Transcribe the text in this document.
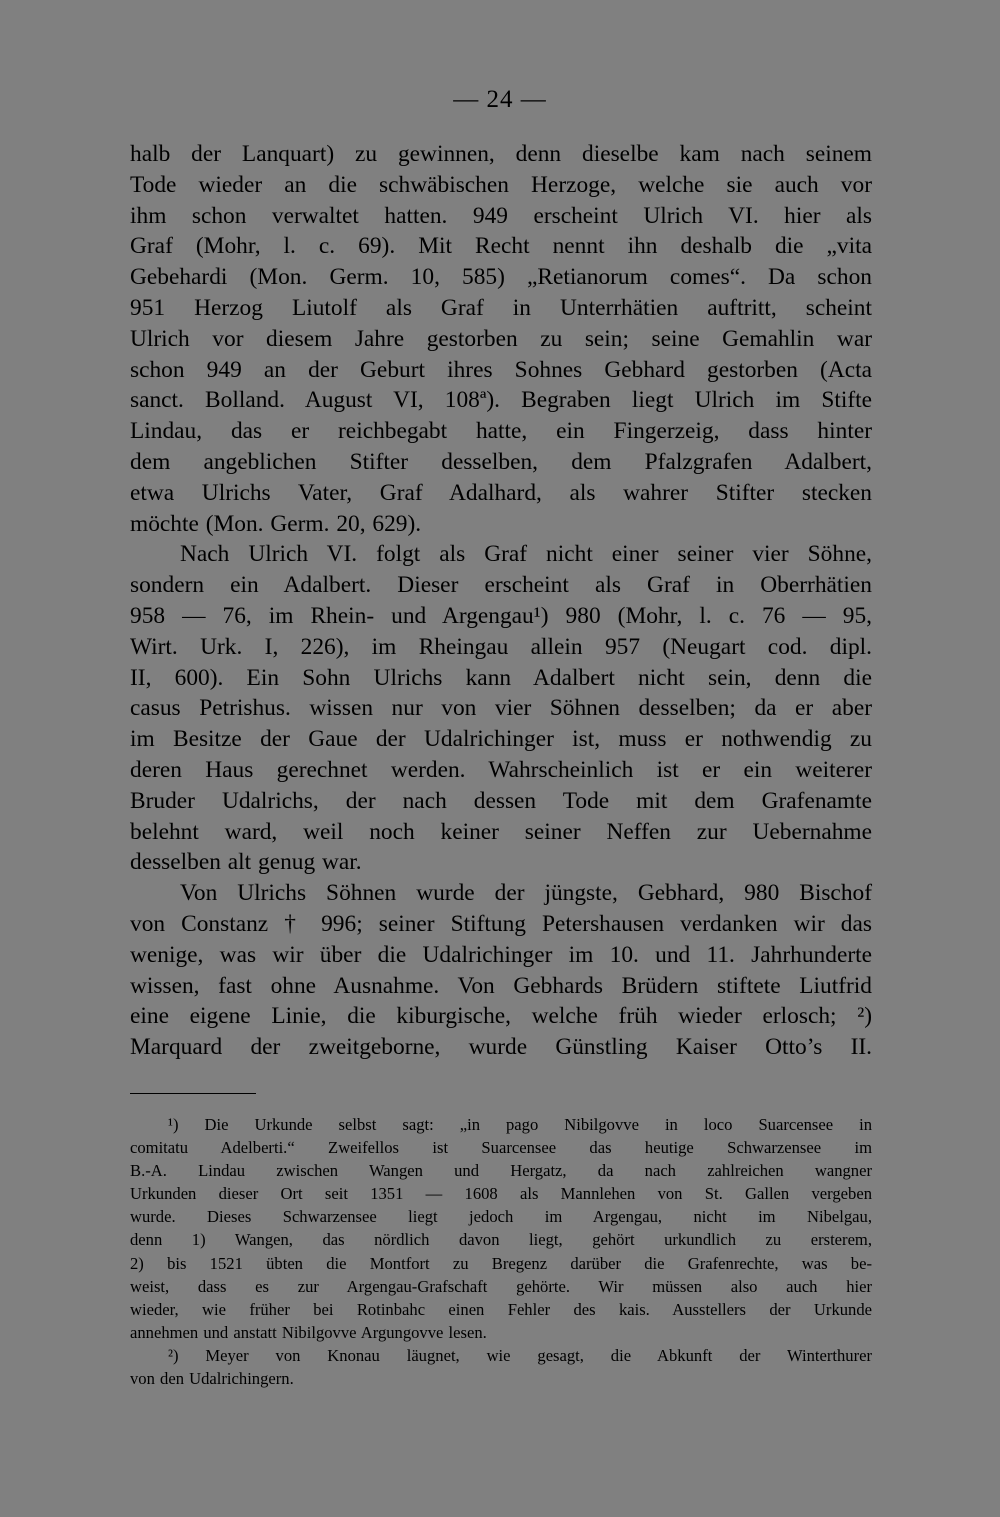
— 24 —
halb der Lanquart) zu gewinnen, denn dieselbe kam nach seinem
Tode wieder an die schwäbischen Herzoge, welche sie auch vor
ihm schon verwaltet hatten. 949 erscheint Ulrich VI. hier als
Graf (Mohr, l. c. 69). Mit Recht nennt ihn deshalb die „vita
Gebehardi (Mon. Germ. 10, 585) „Retianorum comes“. Da schon
951 Herzog Liutolf als Graf in Unterrhätien auftritt, scheint
Ulrich vor diesem Jahre gestorben zu sein; seine Gemahlin war
schon 949 an der Geburt ihres Sohnes Gebhard gestorben (Acta
sanct. Bolland. August VI, 108ª). Begraben liegt Ulrich im Stifte
Lindau, das er reichbegabt hatte, ein Fingerzeig, dass hinter
dem angeblichen Stifter desselben, dem Pfalzgrafen Adalbert,
etwa Ulrichs Vater, Graf Adalhard, als wahrer Stifter stecken
möchte (Mon. Germ. 20, 629).
Nach Ulrich VI. folgt als Graf nicht einer seiner vier Söhne,
sondern ein Adalbert. Dieser erscheint als Graf in Oberrhätien
958 — 76, im Rhein- und Argengau¹) 980 (Mohr, l. c. 76 — 95,
Wirt. Urk. I, 226), im Rheingau allein 957 (Neugart cod. dipl.
II, 600). Ein Sohn Ulrichs kann Adalbert nicht sein, denn die
casus Petrishus. wissen nur von vier Söhnen desselben; da er aber
im Besitze der Gaue der Udalrichinger ist, muss er nothwendig zu
deren Haus gerechnet werden. Wahrscheinlich ist er ein weiterer
Bruder Udalrichs, der nach dessen Tode mit dem Grafenamte
belehnt ward, weil noch keiner seiner Neffen zur Uebernahme
desselben alt genug war.
Von Ulrichs Söhnen wurde der jüngste, Gebhard, 980 Bischof
von Constanz † 996; seiner Stiftung Petershausen verdanken wir das
wenige, was wir über die Udalrichinger im 10. und 11. Jahrhunderte
wissen, fast ohne Ausnahme. Von Gebhards Brüdern stiftete Liutfrid
eine eigene Linie, die kiburgische, welche früh wieder erlosch; ²)
Marquard der zweitgeborne, wurde Günstling Kaiser Otto’s II.
¹) Die Urkunde selbst sagt: „in pago Nibilgovve in loco Suarcensee in
comitatu Adelberti.“ Zweifellos ist Suarcensee das heutige Schwarzensee im
B.-A. Lindau zwischen Wangen und Hergatz, da nach zahlreichen wangner
Urkunden dieser Ort seit 1351 — 1608 als Mannlehen von St. Gallen vergeben
wurde. Dieses Schwarzensee liegt jedoch im Argengau, nicht im Nibelgau,
denn 1) Wangen, das nördlich davon liegt, gehört urkundlich zu ersterem,
2) bis 1521 übten die Montfort zu Bregenz darüber die Grafenrechte, was be-
weist, dass es zur Argengau-Grafschaft gehörte. Wir müssen also auch hier
wieder, wie früher bei Rotinbahc einen Fehler des kais. Ausstellers der Urkunde
annehmen und anstatt Nibilgovve Argungovve lesen.
²) Meyer von Knonau läugnet, wie gesagt, die Abkunft der Winterthurer
von den Udalrichingern.
